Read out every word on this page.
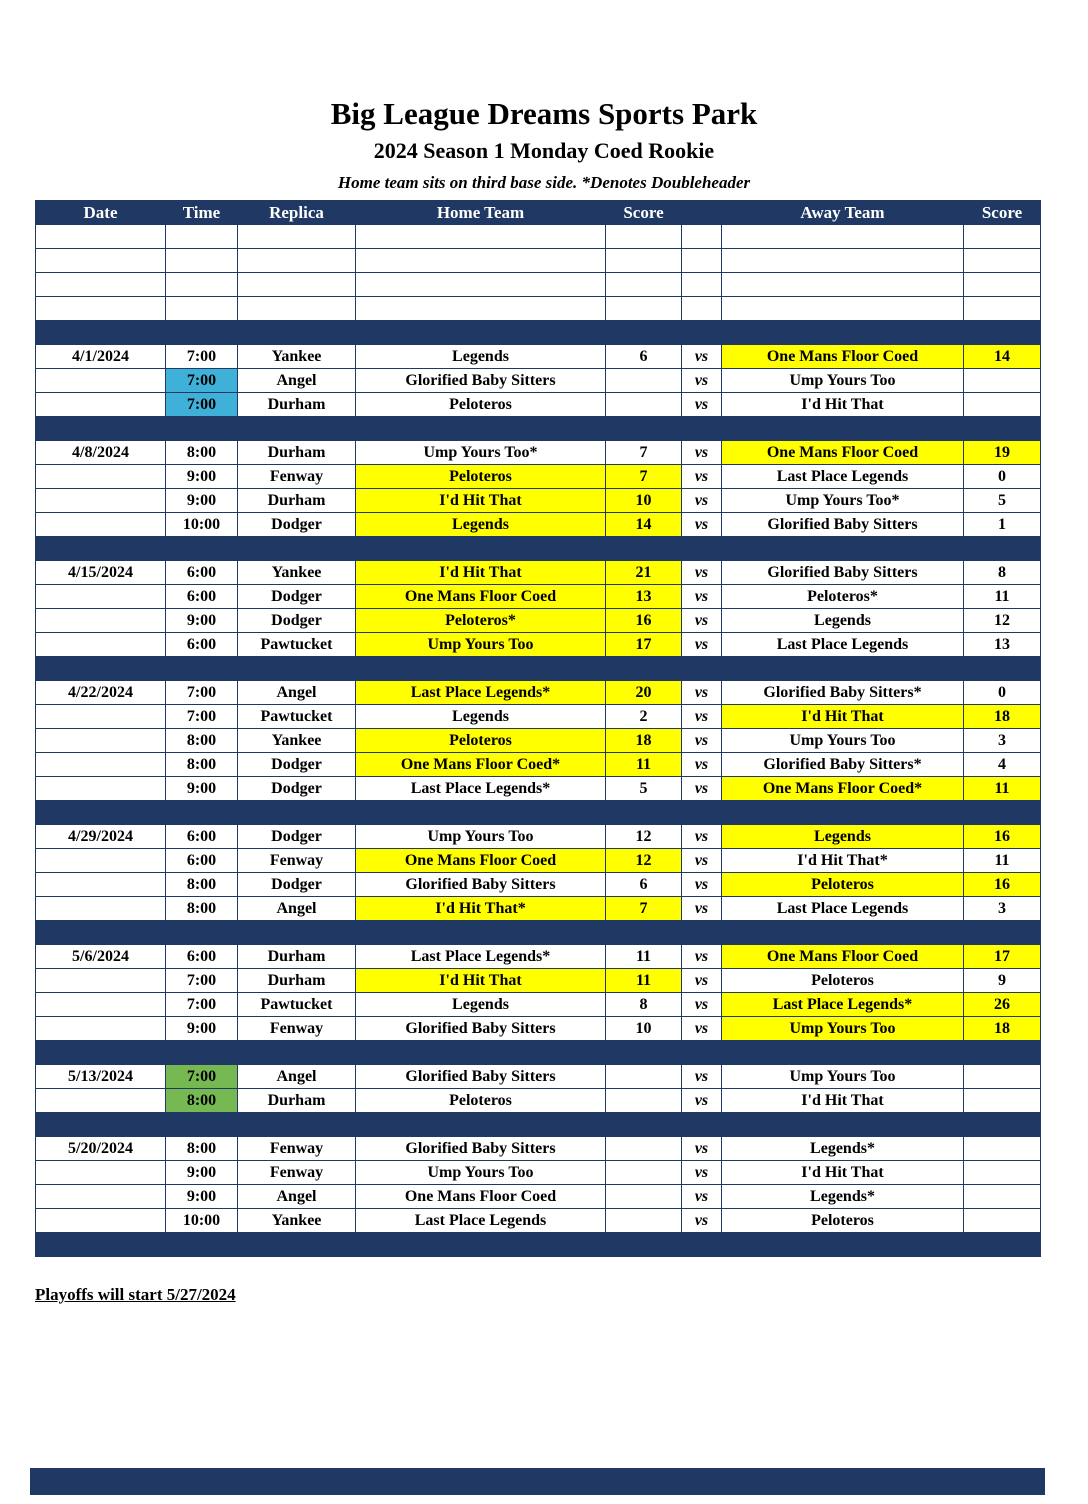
Big League Dreams Sports Park
2024 Season 1 Monday Coed Rookie
Home team sits on third base side. *Denotes Doubleheader
Date	Time	Replica	Home Team	Score		Away Team	Score

4/1/2024	7:00	Yankee	Legends	6	vs	One Mans Floor Coed	14
	7:00	Angel	Glorified Baby Sitters		vs	Ump Yours Too	
	7:00	Durham	Peloteros		vs	I'd Hit That	

4/8/2024	8:00	Durham	Ump Yours Too*	7	vs	One Mans Floor Coed	19
	9:00	Fenway	Peloteros	7	vs	Last Place Legends	0
	9:00	Durham	I'd Hit That	10	vs	Ump Yours Too*	5
	10:00	Dodger	Legends	14	vs	Glorified Baby Sitters	1

4/15/2024	6:00	Yankee	I'd Hit That	21	vs	Glorified Baby Sitters	8
	6:00	Dodger	One Mans Floor Coed	13	vs	Peloteros*	11
	9:00	Dodger	Peloteros*	16	vs	Legends	12
	6:00	Pawtucket	Ump Yours Too	17	vs	Last Place Legends	13

4/22/2024	7:00	Angel	Last Place Legends*	20	vs	Glorified Baby Sitters*	0
	7:00	Pawtucket	Legends	2	vs	I'd Hit That	18
	8:00	Yankee	Peloteros	18	vs	Ump Yours Too	3
	8:00	Dodger	One Mans Floor Coed*	11	vs	Glorified Baby Sitters*	4
	9:00	Dodger	Last Place Legends*	5	vs	One Mans Floor Coed*	11

4/29/2024	6:00	Dodger	Ump Yours Too	12	vs	Legends	16
	6:00	Fenway	One Mans Floor Coed	12	vs	I'd Hit That*	11
	8:00	Dodger	Glorified Baby Sitters	6	vs	Peloteros	16
	8:00	Angel	I'd Hit That*	7	vs	Last Place Legends	3

5/6/2024	6:00	Durham	Last Place Legends*	11	vs	One Mans Floor Coed	17
	7:00	Durham	I'd Hit That	11	vs	Peloteros	9
	7:00	Pawtucket	Legends	8	vs	Last Place Legends*	26
	9:00	Fenway	Glorified Baby Sitters	10	vs	Ump Yours Too	18

5/13/2024	7:00	Angel	Glorified Baby Sitters		vs	Ump Yours Too	
	8:00	Durham	Peloteros		vs	I'd Hit That	

5/20/2024	8:00	Fenway	Glorified Baby Sitters		vs	Legends*	
	9:00	Fenway	Ump Yours Too		vs	I'd Hit That	
	9:00	Angel	One Mans Floor Coed		vs	Legends*	
	10:00	Yankee	Last Place Legends		vs	Peloteros	

Playoffs will start 5/27/2024
